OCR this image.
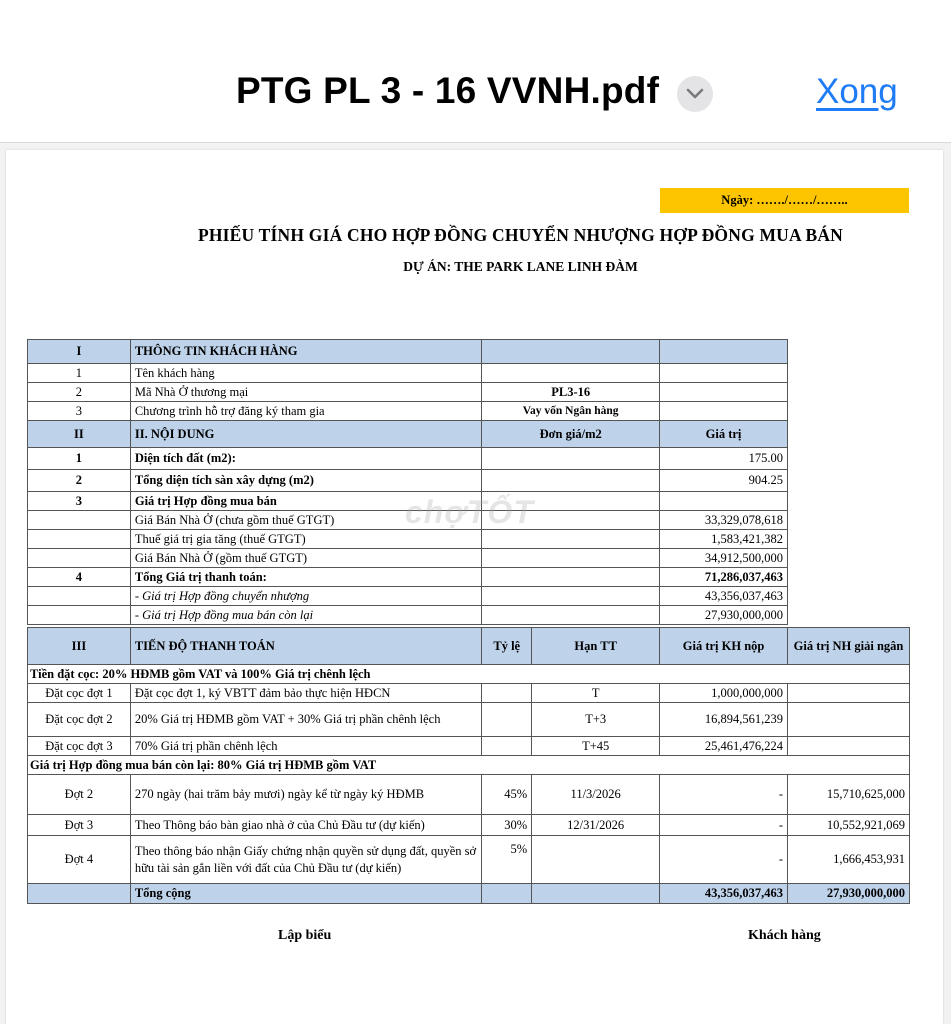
PTG PL 3 - 16 VVNH.pdf	Xong
Ngày: ……./……/……..
PHIẾU TÍNH GIÁ CHO HỢP ĐỒNG CHUYỂN NHƯỢNG HỢP ĐỒNG MUA BÁN
DỰ ÁN: THE PARK LANE LINH ĐÀM
I	THÔNG TIN KHÁCH HÀNG		
1	Tên khách hàng		
2	Mã Nhà Ở thương mại	PL3-16	
3	Chương trình hỗ trợ đăng ký tham gia	Vay vốn Ngân hàng	
II	II. NỘI DUNG	Đơn giá/m2	Giá trị
1	Diện tích đất (m2):		175.00
2	Tổng diện tích sàn xây dựng (m2)		904.25
3	Giá trị Hợp đồng mua bán		
	Giá Bán Nhà Ở (chưa gồm thuế GTGT)		33,329,078,618
	Thuế giá trị gia tăng (thuế GTGT)		1,583,421,382
	Giá Bán Nhà Ở (gồm thuế GTGT)		34,912,500,000
4	Tổng Giá trị thanh toán:		71,286,037,463
	- Giá trị Hợp đồng chuyển nhượng		43,356,037,463
	- Giá trị Hợp đồng mua bán còn lại		27,930,000,000
III	TIẾN ĐỘ THANH TOÁN	Tỷ lệ	Hạn TT	Giá trị KH nộp	Giá trị NH giải ngân
Tiền đặt cọc: 20% HĐMB gồm VAT và 100% Giá trị chênh lệch					
Đặt cọc đợt 1	Đặt cọc đợt 1, ký VBTT đảm bảo thực hiện HĐCN		T	1,000,000,000	
Đặt cọc đợt 2	20% Giá trị HĐMB gồm VAT + 30% Giá trị phần chênh lệch		T+3	16,894,561,239	
Đặt cọc đợt 3	70% Giá trị phần chênh lệch		T+45	25,461,476,224	
Giá trị Hợp đồng mua bán còn lại: 80% Giá trị HĐMB gồm VAT					
Đợt 2	270 ngày (hai trăm bảy mươi) ngày kể từ ngày ký HĐMB	45%	11/3/2026	-	15,710,625,000
Đợt 3	Theo Thông báo bàn giao nhà ở của Chủ Đầu tư (dự kiến)	30%	12/31/2026	-	10,552,921,069
Đợt 4	Theo thông báo nhận Giấy chứng nhận quyền sử dụng đất, quyền sở hữu tài sản gắn liền với đất của Chủ Đầu tư (dự kiến)	5%		-	1,666,453,931
	Tổng cộng			43,356,037,463	27,930,000,000
chợTỐT
Lập biểu	Khách hàng
